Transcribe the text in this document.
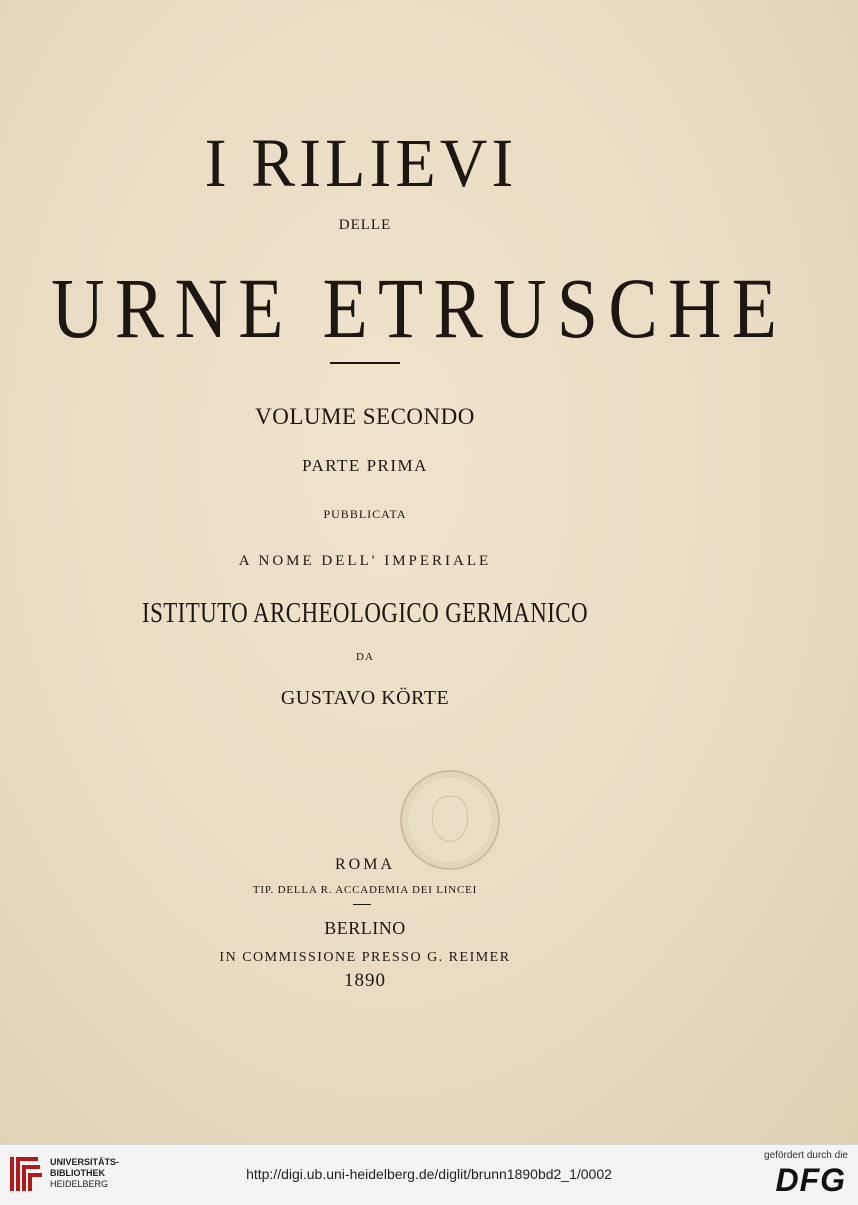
I RILIEVI
DELLE
URNE ETRUSCHE
VOLUME SECONDO
PARTE PRIMA
PUBBLICATA
A NOME DELL' IMPERIALE
ISTITUTO ARCHEOLOGICO GERMANICO
DA
GUSTAVO KÖRTE
ROMA
TIP. DELLA R. ACCADEMIA DEI LINCEI
BERLINO
IN COMMISSIONE PRESSO G. REIMER
1890
UNIVERSITÄTS-
BIBLIOTHEK
HEIDELBERG
http://digi.ub.uni-heidelberg.de/diglit/brunn1890bd2_1/0002
gefördert durch die
DFG
